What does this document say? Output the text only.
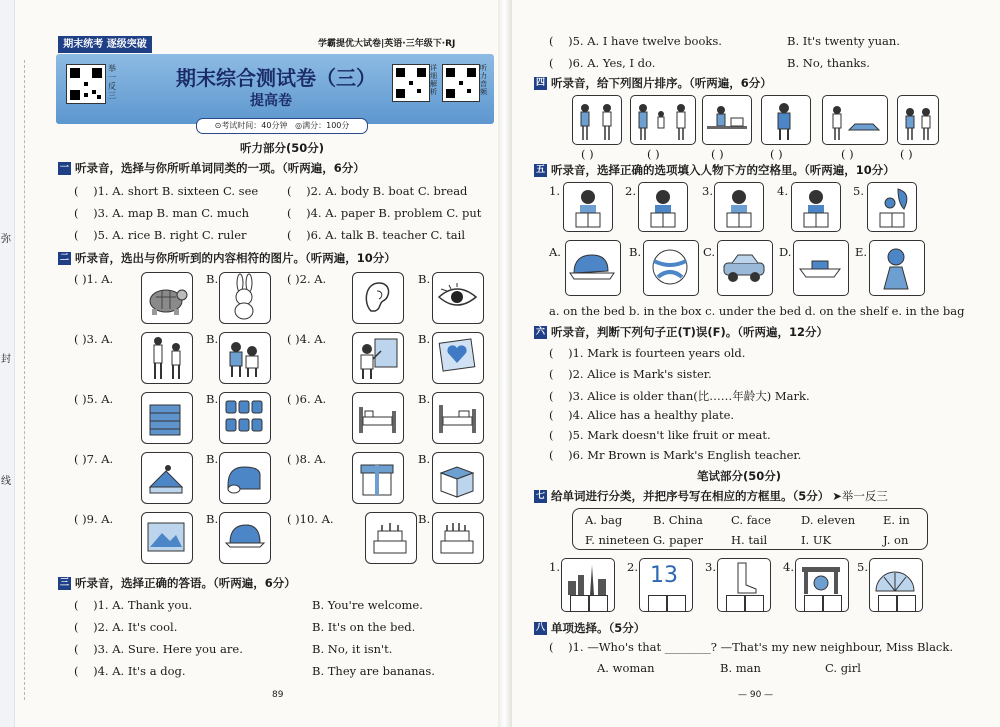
弥
封
线
期末统考 逐级突破	学霸提优大试卷|英语·三年级下·RJ
举一反三
期末综合测试卷（三）
提高卷
详细解析
听力音频
⊙考试时间：40分钟 ◎满分：100分
听力部分(50分)
一 听录音，选择与你所听单词同类的一项。（听两遍，6分）
( )1. A. short B. sixteen C. see	( )2. A. body B. boat C. bread
( )3. A. map B. man C. much	( )4. A. paper B. problem C. put
( )5. A. rice B. right C. ruler	( )6. A. talk B. teacher C. tail
二 听录音，选出与你所听到的内容相符的图片。（听两遍，10分）
( )1. A.	B.	( )2. A.	B.
( )3. A.	B.	( )4. A.	B.
( )5. A.	B.	( )6. A.	B.
( )7. A.	B.	( )8. A.	B.
( )9. A.	B.	( )10. A.	B.
三 听录音，选择正确的答语。（听两遍，6分）
( )1. A. Thank you.	B. You're welcome.
( )2. A. It's cool.	B. It's on the bed.
( )3. A. Sure. Here you are.	B. No, it isn't.
( )4. A. It's a dog.	B. They are bananas.
89
( )5. A. I have twelve books.	B. It's twenty yuan.
( )6. A. Yes, I do.	B. No, thanks.
四 听录音，给下列图片排序。（听两遍，6分）
( )	( )	( )	( )	( )	( )
五 听录音，选择正确的选项填入人物下方的空格里。（听两遍，10分）
1.	2.	3.	4.	5.
A.	B.	C.	D.	E.
a. on the bed b. in the box c. under the bed d. on the shelf e. in the bag
六 听录音，判断下列句子正(T)误(F)。（听两遍，12分）
( )1. Mark is fourteen years old.
( )2. Alice is Mark's sister.
( )3. Alice is older than(比……年龄大) Mark.
( )4. Alice has a healthy plate.
( )5. Mark doesn't like fruit or meat.
( )6. Mr Brown is Mark's English teacher.
笔试部分(50分)
七 给单词进行分类，并把序号写在相应的方框里。（5分） ➤举一反三
A. bag	B. China C. face	D. eleven E. in
F. nineteen G. paper H. tail	I. UK	J. on
1.	2. 13 3.	4.	5.
八 单项选择。（5分）
( )1. —Who's that ________? —That's my new neighbour, Miss Black.
A. woman	B. man	C. girl
— 90 —
